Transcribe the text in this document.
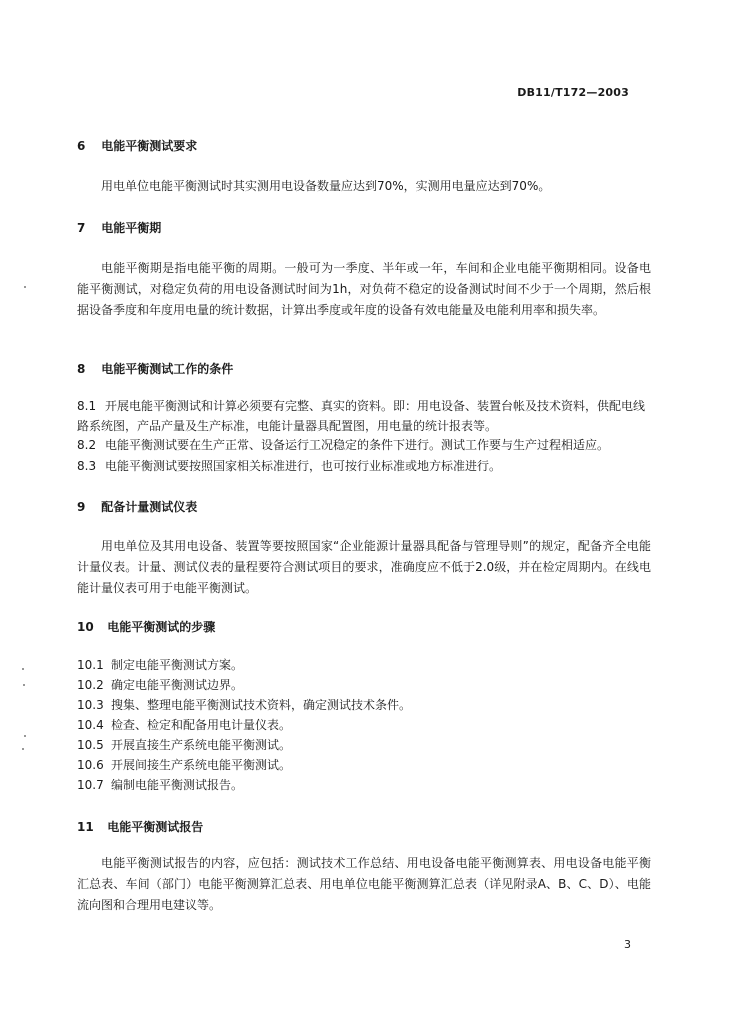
DB11/T172—2003
6 电能平衡测试要求
用电单位电能平衡测试时其实测用电设备数量应达到70%，实测用电量应达到70%。
7 电能平衡期
电能平衡期是指电能平衡的周期。一般可为一季度、半年或一年，车间和企业电能平衡期相同。设备电能平衡测试，对稳定负荷的用电设备测试时间为1h，对负荷不稳定的设备测试时间不少于一个周期，然后根据设备季度和年度用电量的统计数据，计算出季度或年度的设备有效电能量及电能利用率和损失率。
8 电能平衡测试工作的条件
8.1 开展电能平衡测试和计算必须要有完整、真实的资料。即：用电设备、装置台帐及技术资料，供配电线路系统图，产品产量及生产标准，电能计量器具配置图，用电量的统计报表等。
8.2 电能平衡测试要在生产正常、设备运行工况稳定的条件下进行。测试工作要与生产过程相适应。
8.3 电能平衡测试要按照国家相关标准进行，也可按行业标准或地方标准进行。
9 配备计量测试仪表
用电单位及其用电设备、装置等要按照国家“企业能源计量器具配备与管理导则”的规定，配备齐全电能计量仪表。计量、测试仪表的量程要符合测试项目的要求，准确度应不低于2.0级，并在检定周期内。在线电能计量仪表可用于电能平衡测试。
10 电能平衡测试的步骤
10.1 制定电能平衡测试方案。
10.2 确定电能平衡测试边界。
10.3 搜集、整理电能平衡测试技术资料，确定测试技术条件。
10.4 检查、检定和配备用电计量仪表。
10.5 开展直接生产系统电能平衡测试。
10.6 开展间接生产系统电能平衡测试。
10.7 编制电能平衡测试报告。
11 电能平衡测试报告
电能平衡测试报告的内容，应包括：测试技术工作总结、用电设备电能平衡测算表、用电设备电能平衡汇总表、车间（部门）电能平衡测算汇总表、用电单位电能平衡测算汇总表（详见附录A、B、C、D）、电能流向图和合理用电建议等。
3
